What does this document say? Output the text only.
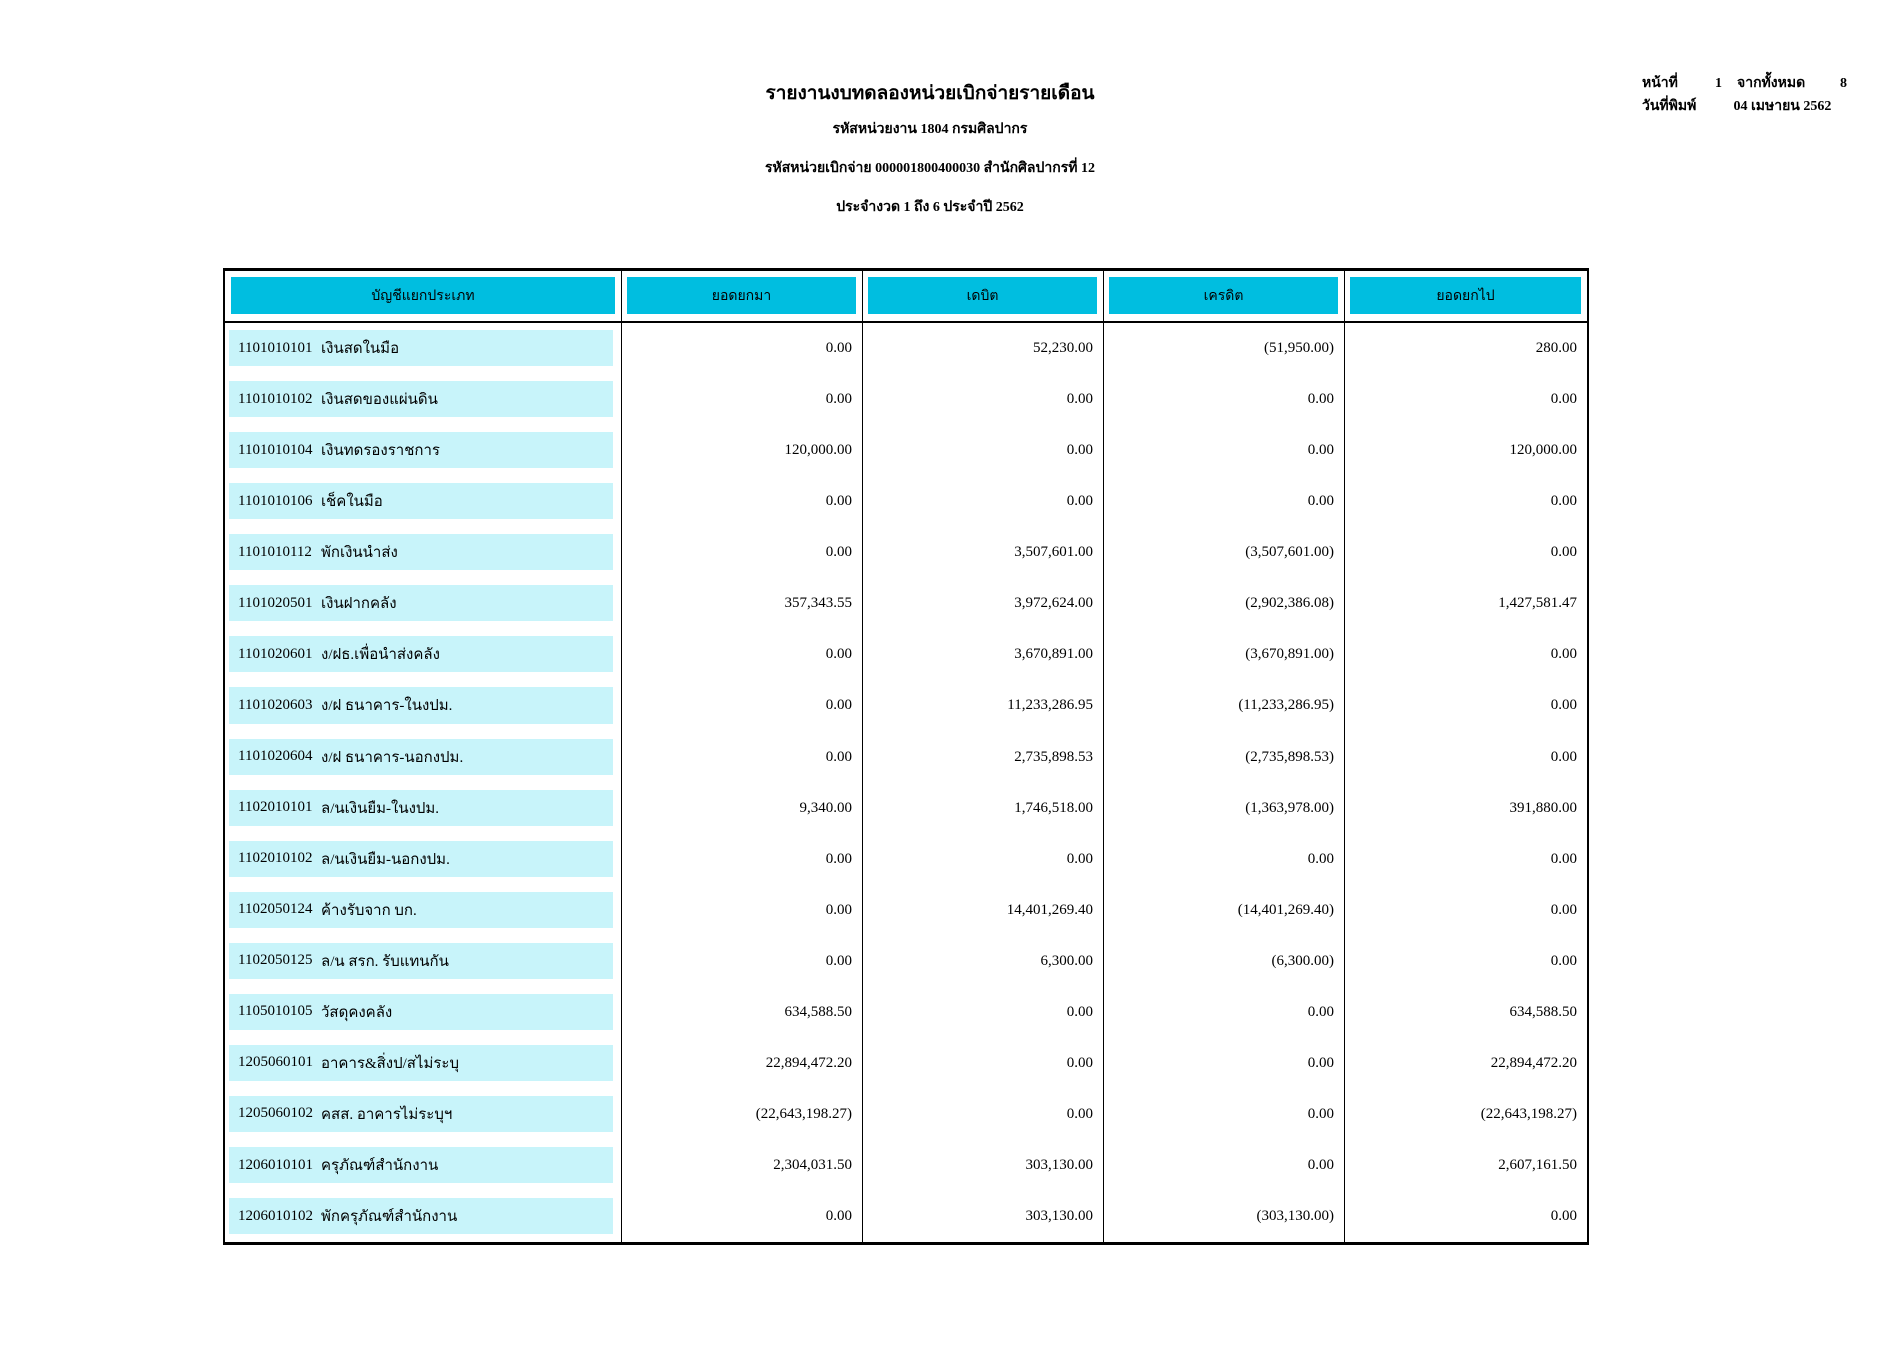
รายงานงบทดลองหน่วยเบิกจ่ายรายเดือน
รหัสหน่วยงาน 1804 กรมศิลปากร
รหัสหน่วยเบิกจ่าย 000001800400030 สำนักศิลปากรที่ 12
ประจำงวด 1 ถึง 6 ประจำปี 2562
หน้าที่	1 จากทั้งหมด 8
วันที่พิมพ์	04 เมษายน 2562
บัญชีแยกประเภท	ยอดยกมา	เดบิต	เครดิต	ยอดยกไป
1101010101 เงินสดในมือ	0.00	52,230.00	(51,950.00)	280.00
1101010102 เงินสดของแผ่นดิน	0.00	0.00	0.00	0.00
1101010104 เงินทดรองราชการ	120,000.00	0.00	0.00	120,000.00
1101010106 เช็คในมือ	0.00	0.00	0.00	0.00
1101010112 พักเงินนำส่ง	0.00	3,507,601.00	(3,507,601.00)	0.00
1101020501 เงินฝากคลัง	357,343.55	3,972,624.00	(2,902,386.08)	1,427,581.47
1101020601 ง/ฝธ.เพื่อนำส่งคลัง	0.00	3,670,891.00	(3,670,891.00)	0.00
1101020603 ง/ฝ ธนาคาร-ในงปม.	0.00	11,233,286.95	(11,233,286.95)	0.00
1101020604 ง/ฝ ธนาคาร-นอกงปม.	0.00	2,735,898.53	(2,735,898.53)	0.00
1102010101 ล/นเงินยืม-ในงปม.	9,340.00	1,746,518.00	(1,363,978.00)	391,880.00
1102010102 ล/นเงินยืม-นอกงปม.	0.00	0.00	0.00	0.00
1102050124 ค้างรับจาก บก.	0.00	14,401,269.40	(14,401,269.40)	0.00
1102050125 ล/น สรก. รับแทนกัน	0.00	6,300.00	(6,300.00)	0.00
1105010105 วัสดุคงคลัง	634,588.50	0.00	0.00	634,588.50
1205060101 อาคาร&สิ่งป/สไม่ระบุ	22,894,472.20	0.00	0.00	22,894,472.20
1205060102 คสส. อาคารไม่ระบุฯ	(22,643,198.27)	0.00	0.00	(22,643,198.27)
1206010101 ครุภัณฑ์สำนักงาน	2,304,031.50	303,130.00	0.00	2,607,161.50
1206010102 พักครุภัณฑ์สำนักงาน	0.00	303,130.00	(303,130.00)	0.00
